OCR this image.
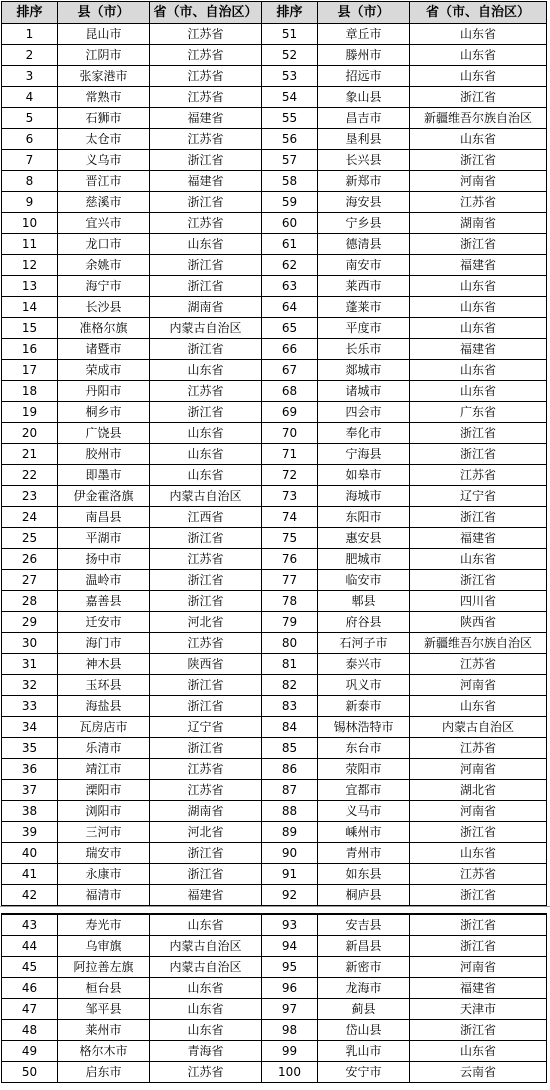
排序	县（市）	省（市、自治区）	排序	县（市）	省（市、自治区）
1	昆山市	江苏省	51	章丘市	山东省
2	江阴市	江苏省	52	滕州市	山东省
3	张家港市	江苏省	53	招远市	山东省
4	常熟市	江苏省	54	象山县	浙江省
5	石狮市	福建省	55	昌吉市	新疆维吾尔族自治区
6	太仓市	江苏省	56	垦利县	山东省
7	义乌市	浙江省	57	长兴县	浙江省
8	晋江市	福建省	58	新郑市	河南省
9	慈溪市	浙江省	59	海安县	江苏省
10	宜兴市	江苏省	60	宁乡县	湖南省
11	龙口市	山东省	61	德清县	浙江省
12	余姚市	浙江省	62	南安市	福建省
13	海宁市	浙江省	63	莱西市	山东省
14	长沙县	湖南省	64	蓬莱市	山东省
15	准格尔旗	内蒙古自治区	65	平度市	山东省
16	诸暨市	浙江省	66	长乐市	福建省
17	荣成市	山东省	67	郯城市	山东省
18	丹阳市	江苏省	68	诸城市	山东省
19	桐乡市	浙江省	69	四会市	广东省
20	广饶县	山东省	70	奉化市	浙江省
21	胶州市	山东省	71	宁海县	浙江省
22	即墨市	山东省	72	如皋市	江苏省
23	伊金霍洛旗	内蒙古自治区	73	海城市	辽宁省
24	南昌县	江西省	74	东阳市	浙江省
25	平湖市	浙江省	75	惠安县	福建省
26	扬中市	江苏省	76	肥城市	山东省
27	温岭市	浙江省	77	临安市	浙江省
28	嘉善县	浙江省	78	郫县	四川省
29	迁安市	河北省	79	府谷县	陕西省
30	海门市	江苏省	80	石河子市	新疆维吾尔族自治区
31	神木县	陕西省	81	泰兴市	江苏省
32	玉环县	浙江省	82	巩义市	河南省
33	海盐县	浙江省	83	新泰市	山东省
34	瓦房店市	辽宁省	84	锡林浩特市	内蒙古自治区
35	乐清市	浙江省	85	东台市	江苏省
36	靖江市	江苏省	86	荥阳市	河南省
37	溧阳市	江苏省	87	宜都市	湖北省
38	浏阳市	湖南省	88	义马市	河南省
39	三河市	河北省	89	嵊州市	浙江省
40	瑞安市	浙江省	90	青州市	山东省
41	永康市	浙江省	91	如东县	江苏省
42	福清市	福建省	92	桐庐县	浙江省
43	寿光市	山东省	93	安吉县	浙江省
44	乌审旗	内蒙古自治区	94	新昌县	浙江省
45	阿拉善左旗	内蒙古自治区	95	新密市	河南省
46	桓台县	山东省	96	龙海市	福建省
47	邹平县	山东省	97	蓟县	天津市
48	莱州市	山东省	98	岱山县	浙江省
49	格尔木市	青海省	99	乳山市	山东省
50	启东市	江苏省	100	安宁市	云南省
